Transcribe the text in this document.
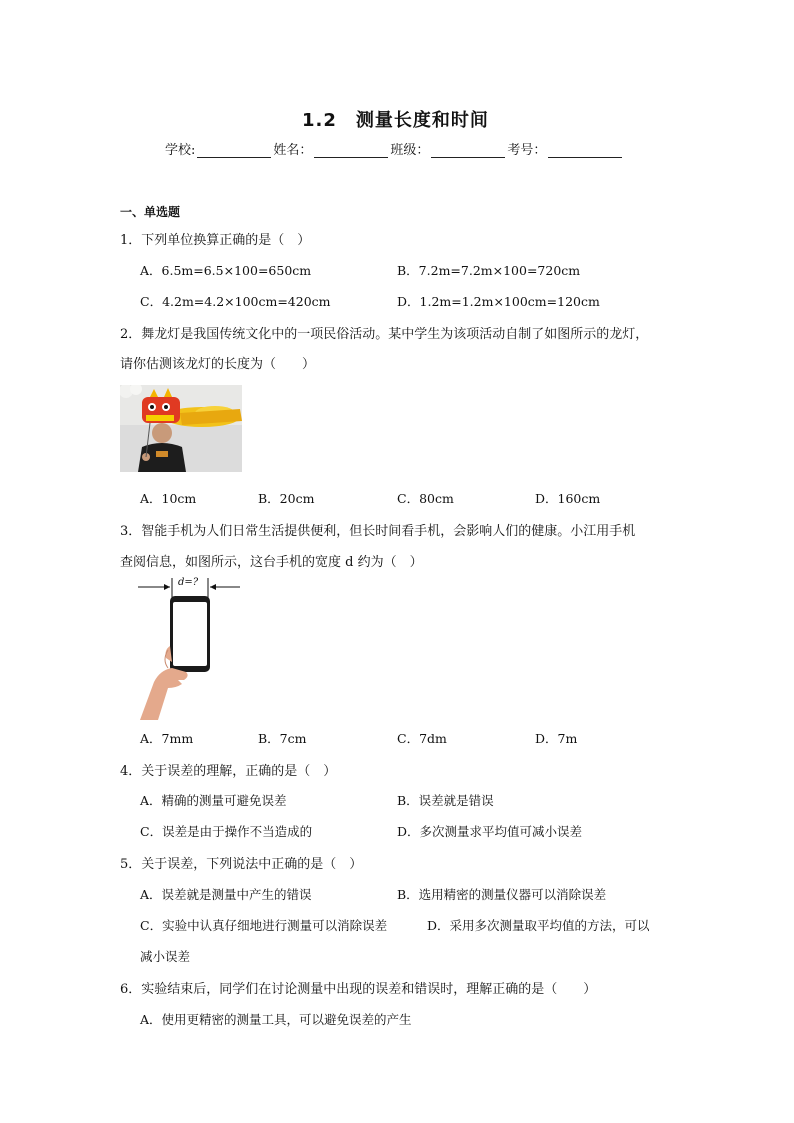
1.2　测量长度和时间
学校:	姓名：	班级：	考号：
一、单选题
1．下列单位换算正确的是（　）
A．6.5m=6.5×100=650cm	B．7.2m=7.2m×100=720cm
C．4.2m=4.2×100cm=420cm	D．1.2m=1.2m×100cm=120cm
2．舞龙灯是我国传统文化中的一项民俗活动。某中学生为该项活动自制了如图所示的龙灯，
请你估测该龙灯的长度为（　　）
A．10cm	B．20cm	C．80cm	D．160cm
3．智能手机为人们日常生活提供便利，但长时间看手机，会影响人们的健康。小江用手机
查阅信息，如图所示，这台手机的宽度 d 约为（　）
d=?
A．7mm	B．7cm	C．7dm	D．7m
4．关于误差的理解，正确的是（　）
A．精确的测量可避免误差	B．误差就是错误
C．误差是由于操作不当造成的	D．多次测量求平均值可减小误差
5．关于误差，下列说法中正确的是（　）
A．误差就是测量中产生的错误	B．选用精密的测量仪器可以消除误差
C．实验中认真仔细地进行测量可以消除误差	D．采用多次测量取平均值的方法，可以
减小误差
6．实验结束后，同学们在讨论测量中出现的误差和错误时，理解正确的是（　　）
A．使用更精密的测量工具，可以避免误差的产生
